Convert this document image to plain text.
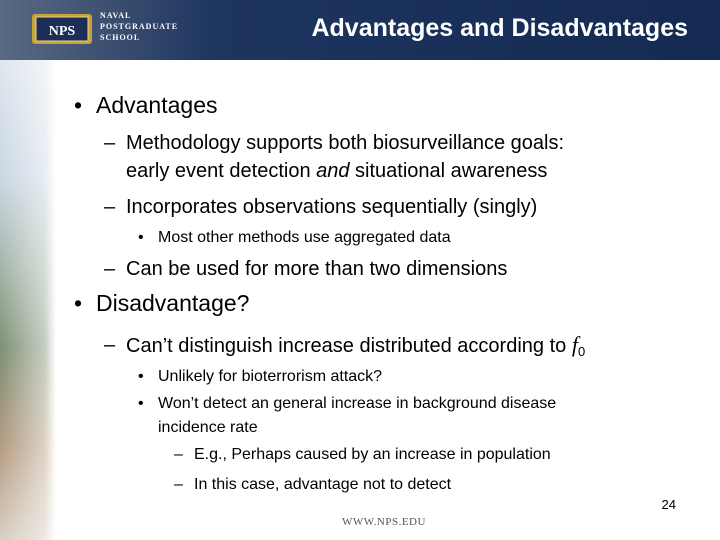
NPS
NAVAL
POSTGRADUATE
SCHOOL	Advantages and Disadvantages
• Advantages
– Methodology supports both biosurveillance goals:
early event detection and situational awareness
– Incorporates observations sequentially (singly)
• Most other methods use aggregated data
– Can be used for more than two dimensions
• Disadvantage?
– Can’t distinguish increase distributed according to $f_0$
• Unlikely for bioterrorism attack?
• Won’t detect an general increase in background disease
incidence rate
– E.g., Perhaps caused by an increase in population
– In this case, advantage not to detect
24
WWW.NPS.EDU
